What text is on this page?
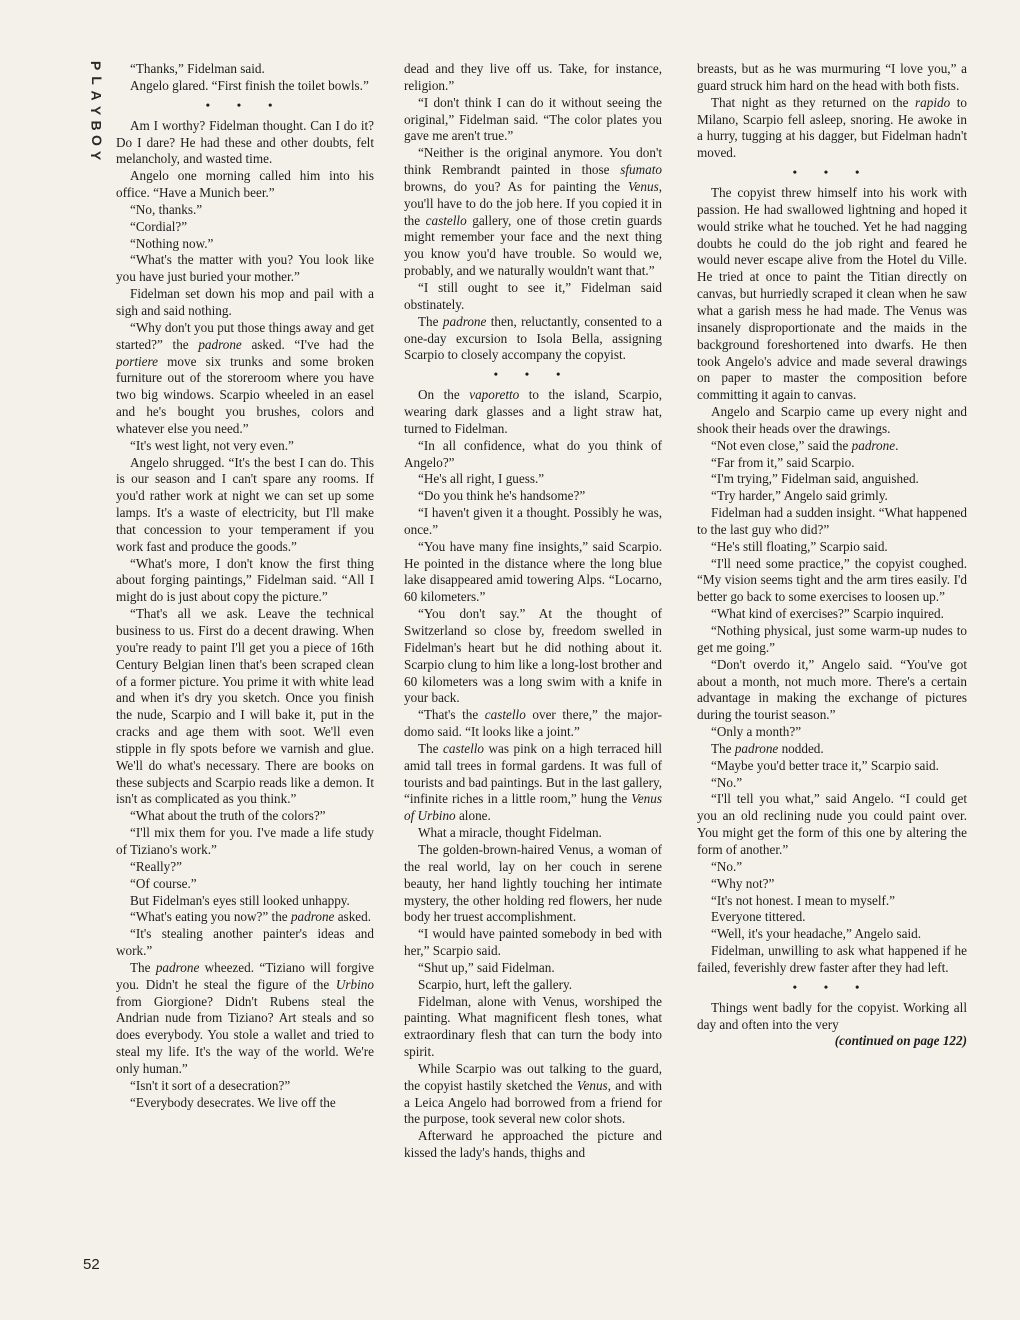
P
L
A
Y
B
O
Y

“Thanks,” Fidelman said.

Angelo glared. “First finish the toilet bowls.”

• • •

Am I worthy? Fidelman thought. Can I do it? Do I dare? He had these and other doubts, felt melancholy, and wasted time.

Angelo one morning called him into his office. “Have a Munich beer.”

“No, thanks.”

“Cordial?”

“Nothing now.”

“What's the matter with you? You look like you have just buried your mother.”

Fidelman set down his mop and pail with a sigh and said nothing.

“Why don't you put those things away and get started?” the padrone asked. “I've had the portiere move six trunks and some broken furniture out of the storeroom where you have two big windows. Scarpio wheeled in an easel and he's bought you brushes, colors and whatever else you need.”

“It's west light, not very even.”

Angelo shrugged. “It's the best I can do. This is our season and I can't spare any rooms. If you'd rather work at night we can set up some lamps. It's a waste of electricity, but I'll make that concession to your temperament if you work fast and produce the goods.”

“What's more, I don't know the first thing about forging paintings,” Fidelman said. “All I might do is just about copy the picture.”

“That's all we ask. Leave the technical business to us. First do a decent drawing. When you're ready to paint I'll get you a piece of 16th Century Belgian linen that's been scraped clean of a former picture. You prime it with white lead and when it's dry you sketch. Once you finish the nude, Scarpio and I will bake it, put in the cracks and age them with soot. We'll even stipple in fly spots before we varnish and glue. We'll do what's necessary. There are books on these subjects and Scarpio reads like a demon. It isn't as complicated as you think.”

“What about the truth of the colors?”

“I'll mix them for you. I've made a life study of Tiziano's work.”

“Really?”

“Of course.”

But Fidelman's eyes still looked unhappy.

“What's eating you now?” the padrone asked.

“It's stealing another painter's ideas and work.”

The padrone wheezed. “Tiziano will forgive you. Didn't he steal the figure of the Urbino from Giorgione? Didn't Rubens steal the Andrian nude from Tiziano? Art steals and so does everybody. You stole a wallet and tried to steal my life. It's the way of the world. We're only human.”

“Isn't it sort of a desecration?”

“Everybody desecrates. We live off the

dead and they live off us. Take, for instance, religion.”

“I don't think I can do it without seeing the original,” Fidelman said. “The color plates you gave me aren't true.”

“Neither is the original anymore. You don't think Rembrandt painted in those sfumato browns, do you? As for painting the Venus, you'll have to do the job here. If you copied it in the castello gallery, one of those cretin guards might remember your face and the next thing you know you'd have trouble. So would we, probably, and we naturally wouldn't want that.”

“I still ought to see it,” Fidelman said obstinately.

The padrone then, reluctantly, consented to a one-day excursion to Isola Bella, assigning Scarpio to closely accompany the copyist.

• • •

On the vaporetto to the island, Scarpio, wearing dark glasses and a light straw hat, turned to Fidelman.

“In all confidence, what do you think of Angelo?”

“He's all right, I guess.”

“Do you think he's handsome?”

“I haven't given it a thought. Possibly he was, once.”

“You have many fine insights,” said Scarpio. He pointed in the distance where the long blue lake disappeared amid towering Alps. “Locarno, 60 kilometers.”

“You don't say.” At the thought of Switzerland so close by, freedom swelled in Fidelman's heart but he did nothing about it. Scarpio clung to him like a long-lost brother and 60 kilometers was a long swim with a knife in your back.

“That's the castello over there,” the major-domo said. “It looks like a joint.”

The castello was pink on a high terraced hill amid tall trees in formal gardens. It was full of tourists and bad paintings. But in the last gallery, “infinite riches in a little room,” hung the Venus of Urbino alone.

What a miracle, thought Fidelman.

The golden-brown-haired Venus, a woman of the real world, lay on her couch in serene beauty, her hand lightly touching her intimate mystery, the other holding red flowers, her nude body her truest accomplishment.

“I would have painted somebody in bed with her,” Scarpio said.

“Shut up,” said Fidelman.

Scarpio, hurt, left the gallery.

Fidelman, alone with Venus, worshiped the painting. What magnificent flesh tones, what extraordinary flesh that can turn the body into spirit.

While Scarpio was out talking to the guard, the copyist hastily sketched the Venus, and with a Leica Angelo had borrowed from a friend for the purpose, took several new color shots.

Afterward he approached the picture and kissed the lady's hands, thighs and

breasts, but as he was murmuring “I love you,” a guard struck him hard on the head with both fists.

That night as they returned on the rapido to Milano, Scarpio fell asleep, snoring. He awoke in a hurry, tugging at his dagger, but Fidelman hadn't moved.

• • •

The copyist threw himself into his work with passion. He had swallowed lightning and hoped it would strike what he touched. Yet he had nagging doubts he could do the job right and feared he would never escape alive from the Hotel du Ville. He tried at once to paint the Titian directly on canvas, but hurriedly scraped it clean when he saw what a garish mess he had made. The Venus was insanely disproportionate and the maids in the background foreshortened into dwarfs. He then took Angelo's advice and made several drawings on paper to master the composition before committing it again to canvas.

Angelo and Scarpio came up every night and shook their heads over the drawings.

“Not even close,” said the padrone.

“Far from it,” said Scarpio.

“I'm trying,” Fidelman said, anguished.

“Try harder,” Angelo said grimly.

Fidelman had a sudden insight. “What happened to the last guy who did?”

“He's still floating,” Scarpio said.

“I'll need some practice,” the copyist coughed. “My vision seems tight and the arm tires easily. I'd better go back to some exercises to loosen up.”

“What kind of exercises?” Scarpio inquired.

“Nothing physical, just some warm-up nudes to get me going.”

“Don't overdo it,” Angelo said. “You've got about a month, not much more. There's a certain advantage in making the exchange of pictures during the tourist season.”

“Only a month?”

The padrone nodded.

“Maybe you'd better trace it,” Scarpio said.

“No.”

“I'll tell you what,” said Angelo. “I could get you an old reclining nude you could paint over. You might get the form of this one by altering the form of another.”

“No.”

“Why not?”

“It's not honest. I mean to myself.”

Everyone tittered.

“Well, it's your headache,” Angelo said.

Fidelman, unwilling to ask what happened if he failed, feverishly drew faster after they had left.

• • •

Things went badly for the copyist. Working all day and often into the very

(continued on page 122)

52
